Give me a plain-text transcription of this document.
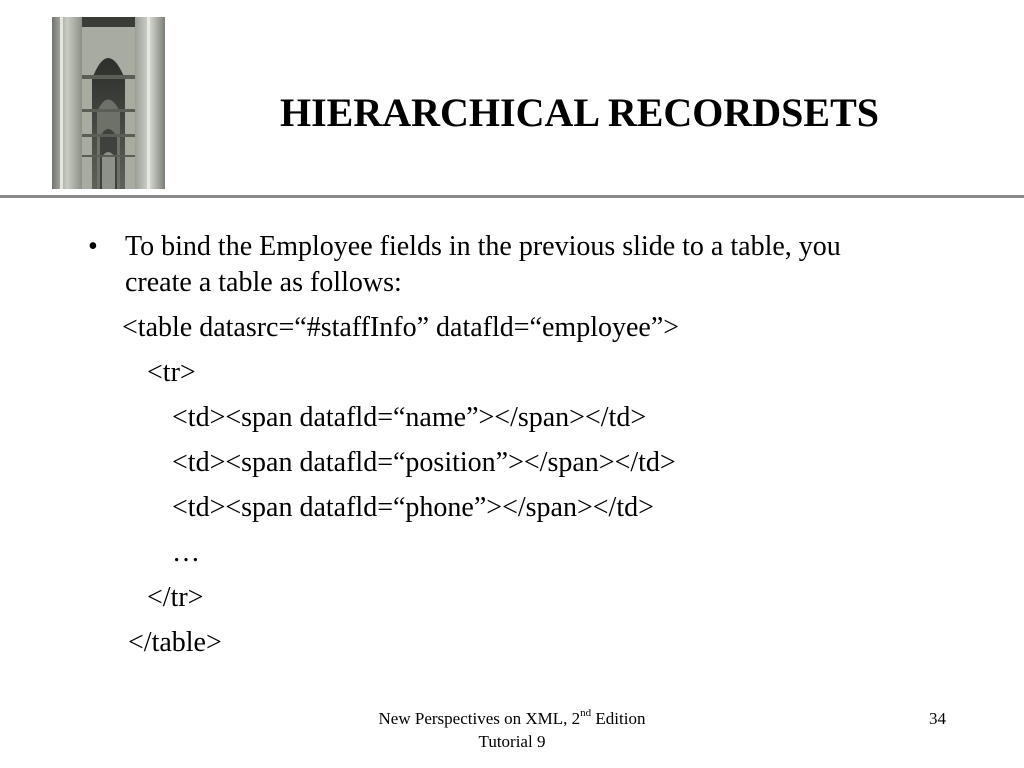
HIERARCHICAL RECORDSETS
• To bind the Employee fields in the previous slide to a table, you create a table as follows:
<table datasrc=“#staffInfo” datafld=“employee”>
<tr>
<td><span datafld=“name”></span></td>
<td><span datafld=“position”></span></td>
<td><span datafld=“phone”></span></td>
…
</tr>
</table>
New Perspectives on XML, 2nd Edition
Tutorial 9
34
